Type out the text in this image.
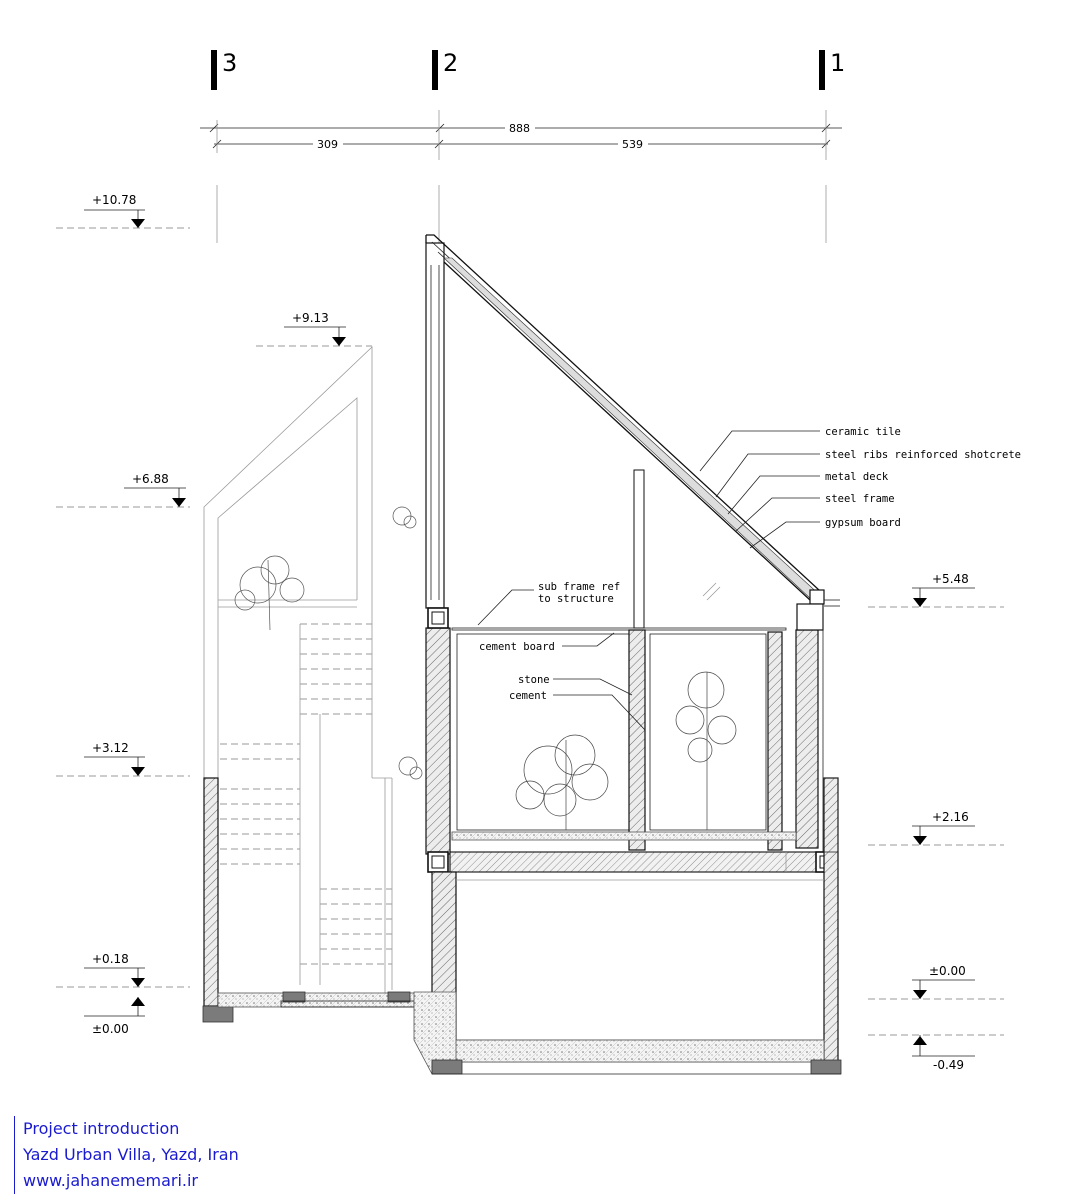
3	2	1
888
309	539
+10.78
+9.13
+6.88
+5.48
+3.12
+2.16
+0.18
±0.00
±0.00
-0.49
ceramic tile
steel ribs reinforced shotcrete
metal deck
steel frame
gypsum board
sub frame ref
to structure
cement board
stone
cement
Project introduction
Yazd Urban Villa, Yazd, Iran
www.jahanememari.ir
